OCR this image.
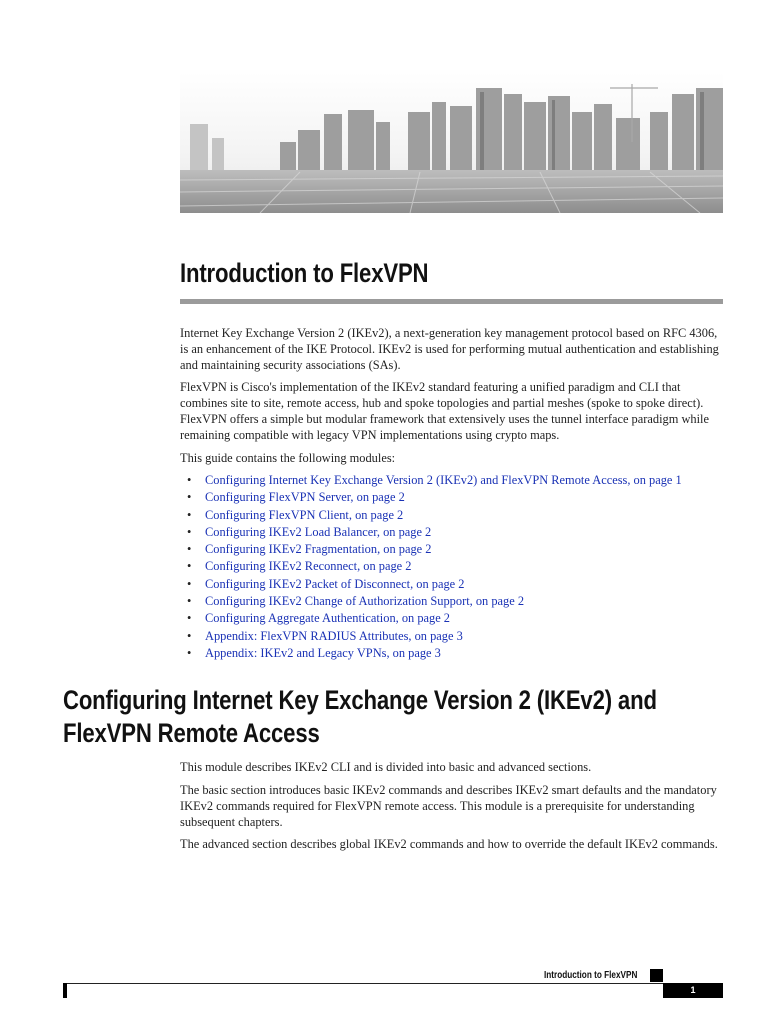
Introduction to FlexVPN

Internet Key Exchange Version 2 (IKEv2), a next-generation key management protocol based on RFC 4306, is an enhancement of the IKE Protocol. IKEv2 is used for performing mutual authentication and establishing and maintaining security associations (SAs).

FlexVPN is Cisco's implementation of the IKEv2 standard featuring a unified paradigm and CLI that combines site to site, remote access, hub and spoke topologies and partial meshes (spoke to spoke direct). FlexVPN offers a simple but modular framework that extensively uses the tunnel interface paradigm while remaining compatible with legacy VPN implementations using crypto maps.

This guide contains the following modules:

• Configuring Internet Key Exchange Version 2 (IKEv2) and FlexVPN Remote Access, on page 1
• Configuring FlexVPN Server, on page 2
• Configuring FlexVPN Client, on page 2
• Configuring IKEv2 Load Balancer, on page 2
• Configuring IKEv2 Fragmentation, on page 2
• Configuring IKEv2 Reconnect, on page 2
• Configuring IKEv2 Packet of Disconnect, on page 2
• Configuring IKEv2 Change of Authorization Support, on page 2
• Configuring Aggregate Authentication, on page 2
• Appendix: FlexVPN RADIUS Attributes, on page 3
• Appendix: IKEv2 and Legacy VPNs, on page 3
Configuring Internet Key Exchange Version 2 (IKEv2) and
FlexVPN Remote Access

This module describes IKEv2 CLI and is divided into basic and advanced sections.

The basic section introduces basic IKEv2 commands and describes IKEv2 smart defaults and the mandatory IKEv2 commands required for FlexVPN remote access. This module is a prerequisite for understanding subsequent chapters.

The advanced section describes global IKEv2 commands and how to override the default IKEv2 commands.

Introduction to FlexVPN
1
